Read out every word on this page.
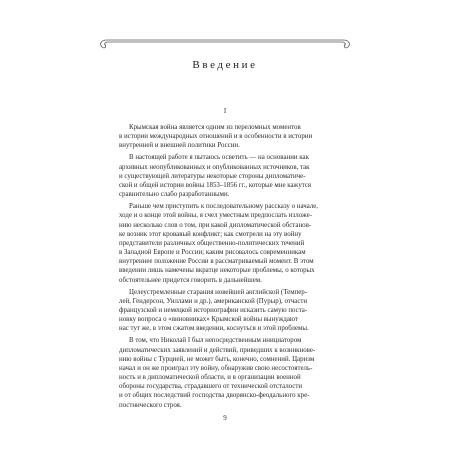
Введение
I

Крымская война является одним из переломных моментов
в истории международных отношений и в особенности в истории
внутренней и внешней политики России.

В настоящей работе я пытаюсь осветить — на основании как
архивных неопубликованных и опубликованных источников, так
и существующей литературы некоторые стороны дипломатиче-
ской и общей истории войны 1853–1856 гг., которые мне кажутся
сравнительно слабо разработанными.

Раньше чем приступить к последовательному рассказу о начале,
ходе и о конце этой войны, я счел уместным предпослать изложе-
нию несколько слов о том, при какой дипломатической обстанов-
ке возник этот кровавый конфликт; как смотрели на эту войну
представители различных общественно-политических течений
в Западной Европе и России; каким рисовалось современникам
внутреннее положение России в рассматриваемый момент. В этом
введении лишь намечены вкратце некоторые проблемы, о которых
обстоятельнее придется говорить в дальнейшем.

Целеустремленные старания новейшей английской (Темпер-
лей, Гендерсон, Уиллами и др.), американской (Пурыр), отчасти
французской и немецкой историографии исказить самую поста-
новку вопроса о «виновниках» Крымской войны вынуждают
нас тут же, в этом сжатом введении, коснуться и этой проблемы.

В том, что Николай I был непосредственным инициатором
дипломатических заявлений и действий, приведших к возникнове-
нию войны с Турцией, не может быть, конечно, сомнений. Царизм
начал и он же проиграл эту войну, обнаружив свою несостоятель-
ность и в дипломатической области, и в организации военной
обороны государства, страдавшего от технической отсталости
и от общих последствий господства дворянско-феодального кре-
постнического строя.

9
